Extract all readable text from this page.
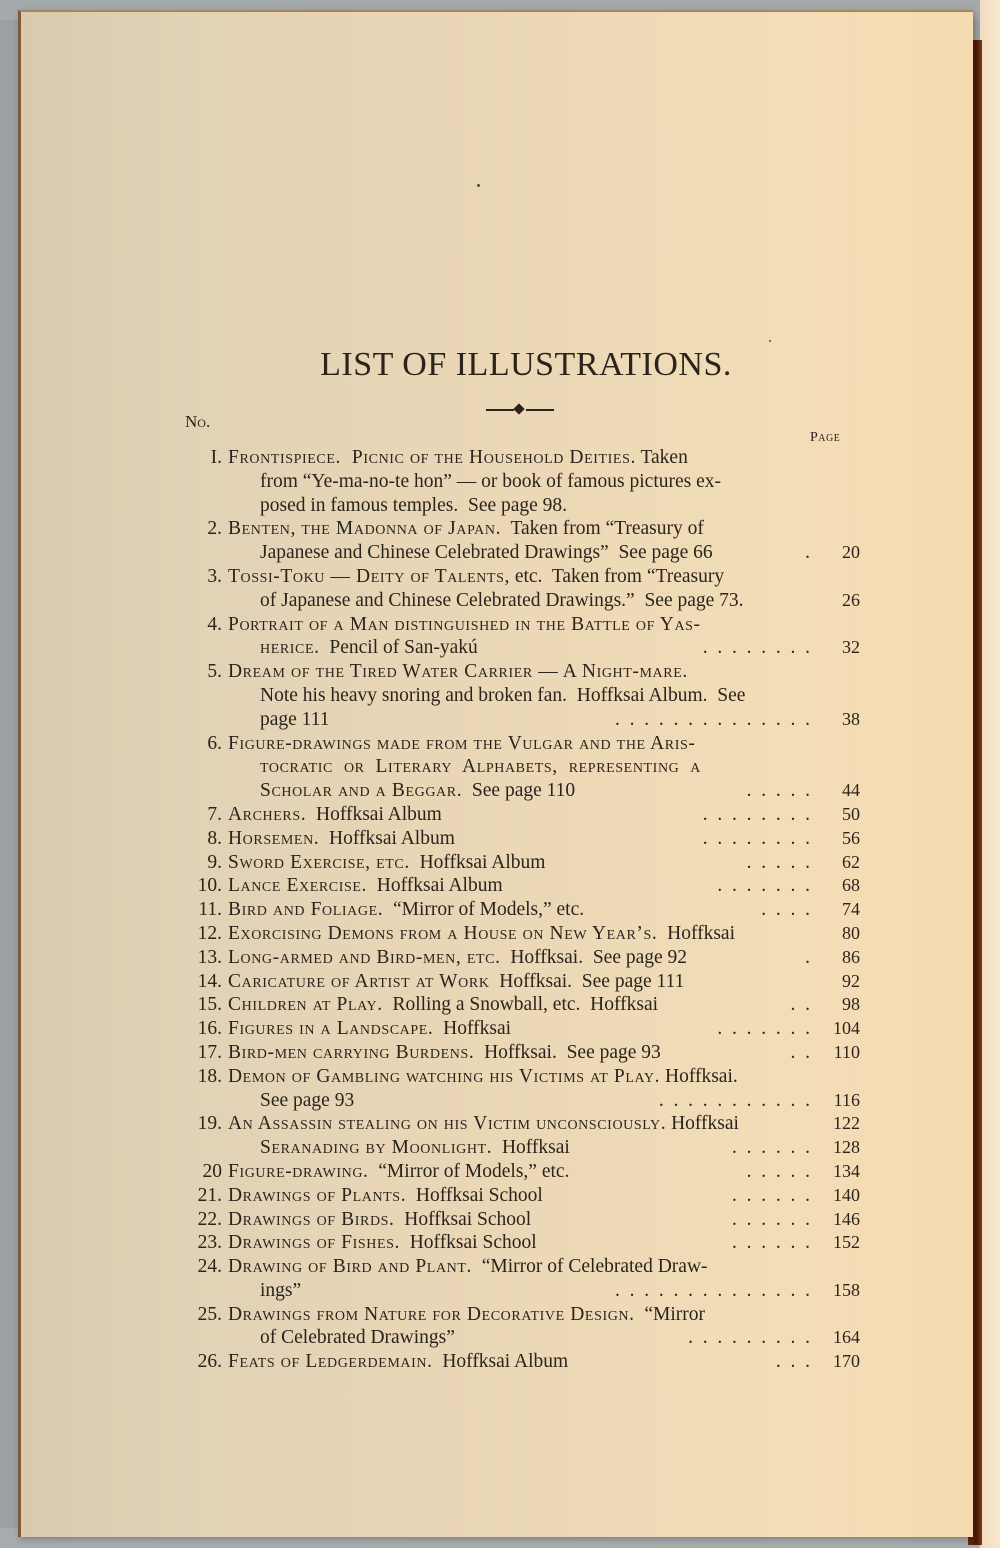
LIST OF ILLUSTRATIONS.
No.
Page
I. Frontispiece.  Picnic of the Household Deities. Taken
from “Ye-ma-no-te hon” — or book of famous pictures ex-
posed in famous temples.  See page 98.
2. Benten, the Madonna of Japan.  Taken from “Treasury of
Japanese and Chinese Celebrated Drawings”  See page 66	.	20
3. Tossi-Toku — Deity of Talents, etc.  Taken from “Treasury
of Japanese and Chinese Celebrated Drawings.”  See page 73.	26
4. Portrait of a Man distinguished in the Battle of Yas-
herice.  Pencil of San-yakú	.  .  .  .  .  .  .  .	32
5. Dream of the Tired Water Carrier — A Night-mare.
Note his heavy snoring and broken fan.  Hoffksai Album.  See
page 111	.  .  .  .  .  .  .  .  .  .  .  .  .  .	38
6. Figure-drawings made from the Vulgar and the Aris-
tocratic  or  Literary  Alphabets,  representing  a
Scholar and a Beggar.  See page 110	.  .  .  .  .	44
7. Archers.  Hoffksai Album	.  .  .  .  .  .  .  .	50
8. Horsemen.  Hoffksai Album	.  .  .  .  .  .  .  .	56
9. Sword Exercise, etc.  Hoffksai Album	.  .  .  .  .	62
10. Lance Exercise.  Hoffksai Album	.  .  .  .  .  .  .	68
11. Bird and Foliage.  “Mirror of Models,” etc.	.  .  .  .	74
12. Exorcising Demons from a House on New Year’s.  Hoffksai	80
13. Long-armed and Bird-men, etc.  Hoffksai.  See page 92	.	86
14. Caricature of Artist at Work  Hoffksai.  See page 111	92
15. Children at Play.  Rolling a Snowball, etc.  Hoffksai	.  .	98
16. Figures in a Landscape.  Hoffksai	.  .  .  .  .  .  .	104
17. Bird-men carrying Burdens.  Hoffksai.  See page 93	.  .	110
18. Demon of Gambling watching his Victims at Play. Hoffksai.
See page 93	.  .  .  .  .  .  .  .  .  .  .	116
19. An Assassin stealing on his Victim unconsciously. Hoffksai	122
Seranading by Moonlight.  Hoffksai	.  .  .  .  .  .	128
20 Figure-drawing.  “Mirror of Models,” etc.	.  .  .  .  .	134
21. Drawings of Plants.  Hoffksai School	.  .  .  .  .  .	140
22. Drawings of Birds.  Hoffksai School	.  .  .  .  .  .	146
23. Drawings of Fishes.  Hoffksai School	.  .  .  .  .  .	152
24. Drawing of Bird and Plant.  “Mirror of Celebrated Draw-
ings”	.  .  .  .  .  .  .  .  .  .  .  .  .  .	158
25. Drawings from Nature for Decorative Design.  “Mirror
of Celebrated Drawings”	.  .  .  .  .  .  .  .  .	164
26. Feats of Ledgerdemain.  Hoffksai Album	.  .  .	170
